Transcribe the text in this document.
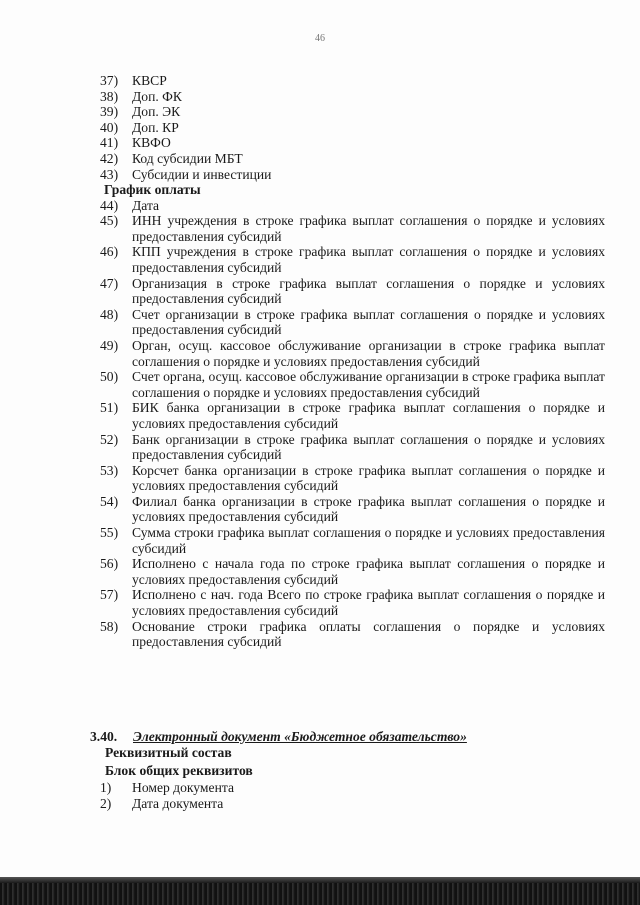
46
37)	КВСР
38)	Доп. ФК
39)	Доп. ЭК
40)	Доп. КР
41)	КВФО
42)	Код субсидии МБТ
43)	Субсидии и инвестиции
График оплаты
44)	Дата
45)	ИНН учреждения в строке графика выплат соглашения о порядке и условиях предоставления субсидий
46)	КПП учреждения в строке графика выплат соглашения о порядке и условиях предоставления субсидий
47)	Организация в строке графика выплат соглашения о порядке и условиях предоставления субсидий
48)	Счет организации в строке графика выплат соглашения о порядке и условиях предоставления субсидий
49)	Орган, осущ. кассовое обслуживание организации в строке графика выплат соглашения о порядке и условиях предоставления субсидий
50)	Счет органа, осущ. кассовое обслуживание организации в строке графика выплат соглашения о порядке и условиях предоставления субсидий
51)	БИК банка организации в строке графика выплат соглашения о порядке и условиях предоставления субсидий
52)	Банк организации в строке графика выплат соглашения о порядке и условиях предоставления субсидий
53)	Корсчет банка организации в строке графика выплат соглашения о порядке и условиях предоставления субсидий
54)	Филиал банка организации в строке графика выплат соглашения о порядке и условиях предоставления субсидий
55)	Сумма строки графика выплат соглашения о порядке и условиях предоставления субсидий
56)	Исполнено с начала года по строке графика выплат соглашения о порядке и условиях предоставления субсидий
57)	Исполнено с нач. года Всего по строке графика выплат соглашения о порядке и условиях предоставления субсидий
58)	Основание строки графика оплаты соглашения о порядке и условиях предоставления субсидий
3.40. Электронный документ «Бюджетное обязательство»
Реквизитный состав
Блок общих реквизитов
1)	Номер документа
2)	Дата документа
